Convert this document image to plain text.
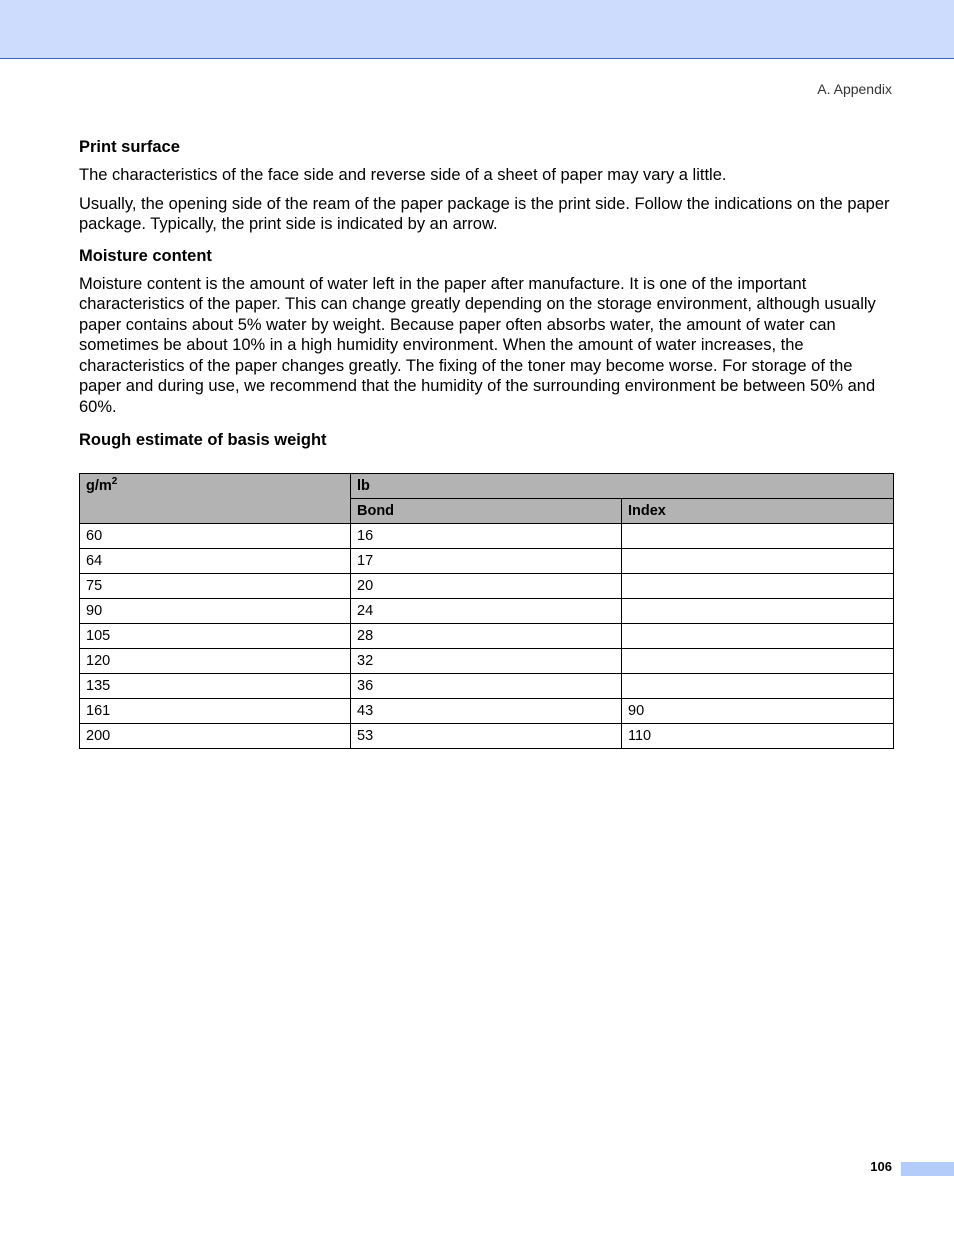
A. Appendix
Print surface

The characteristics of the face side and reverse side of a sheet of paper may vary a little.

Usually, the opening side of the ream of the paper package is the print side. Follow the indications on the paper package. Typically, the print side is indicated by an arrow.

Moisture content

Moisture content is the amount of water left in the paper after manufacture. It is one of the important characteristics of the paper. This can change greatly depending on the storage environment, although usually paper contains about 5% water by weight. Because paper often absorbs water, the amount of water can sometimes be about 10% in a high humidity environment. When the amount of water increases, the characteristics of the paper changes greatly. The fixing of the toner may become worse. For storage of the paper and during use, we recommend that the humidity of the surrounding environment be between 50% and 60%.

Rough estimate of basis weight
$g/m^2$	lb	
	Bond	Index
60	16	
64	17	
75	20	
90	24	
105	28	
120	32	
135	36	
161	43	90
200	53	110
106
